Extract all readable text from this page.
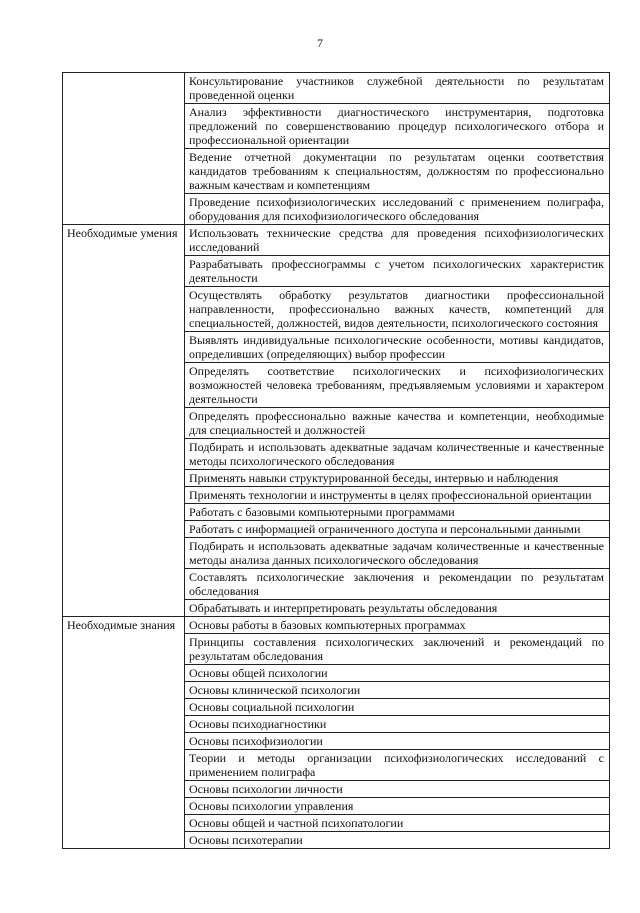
7
	Консультирование участников служебной деятельности по результатам проведенной оценки
	Анализ эффективности диагностического инструментария, подготовка предложений по совершенствованию процедур психологического отбора и профессиональной ориентации
	Ведение отчетной документации по результатам оценки соответствия кандидатов требованиям к специальностям, должностям по профессионально важным качествам и компетенциям
	Проведение психофизиологических исследований с применением полиграфа, оборудования для психофизиологического обследования
Необходимые умения	Использовать технические средства для проведения психофизиологических исследований
	Разрабатывать профессиограммы с учетом психологических характеристик деятельности
	Осуществлять обработку результатов диагностики профессиональной направленности, профессионально важных качеств, компетенций для специальностей, должностей, видов деятельности, психологического состояния
	Выявлять индивидуальные психологические особенности, мотивы кандидатов, определивших (определяющих) выбор профессии
	Определять соответствие психологических и психофизиологических возможностей человека требованиям, предъявляемым условиями и характером деятельности
	Определять профессионально важные качества и компетенции, необходимые для специальностей и должностей
	Подбирать и использовать адекватные задачам количественные и качественные методы психологического обследования
	Применять навыки структурированной беседы, интервью и наблюдения
	Применять технологии и инструменты в целях профессиональной ориентации
	Работать с базовыми компьютерными программами
	Работать с информацией ограниченного доступа и персональными данными
	Подбирать и использовать адекватные задачам количественные и качественные методы анализа данных психологического обследования
	Составлять психологические заключения и рекомендации по результатам обследования
	Обрабатывать и интерпретировать результаты обследования
Необходимые знания	Основы работы в базовых компьютерных программах
	Принципы составления психологических заключений и рекомендаций по результатам обследования
	Основы общей психологии
	Основы клинической психологии
	Основы социальной психологии
	Основы психодиагностики
	Основы психофизиологии
	Теории и методы организации психофизиологических исследований с применением полиграфа
	Основы психологии личности
	Основы психологии управления
	Основы общей и частной психопатологии
	Основы психотерапии
